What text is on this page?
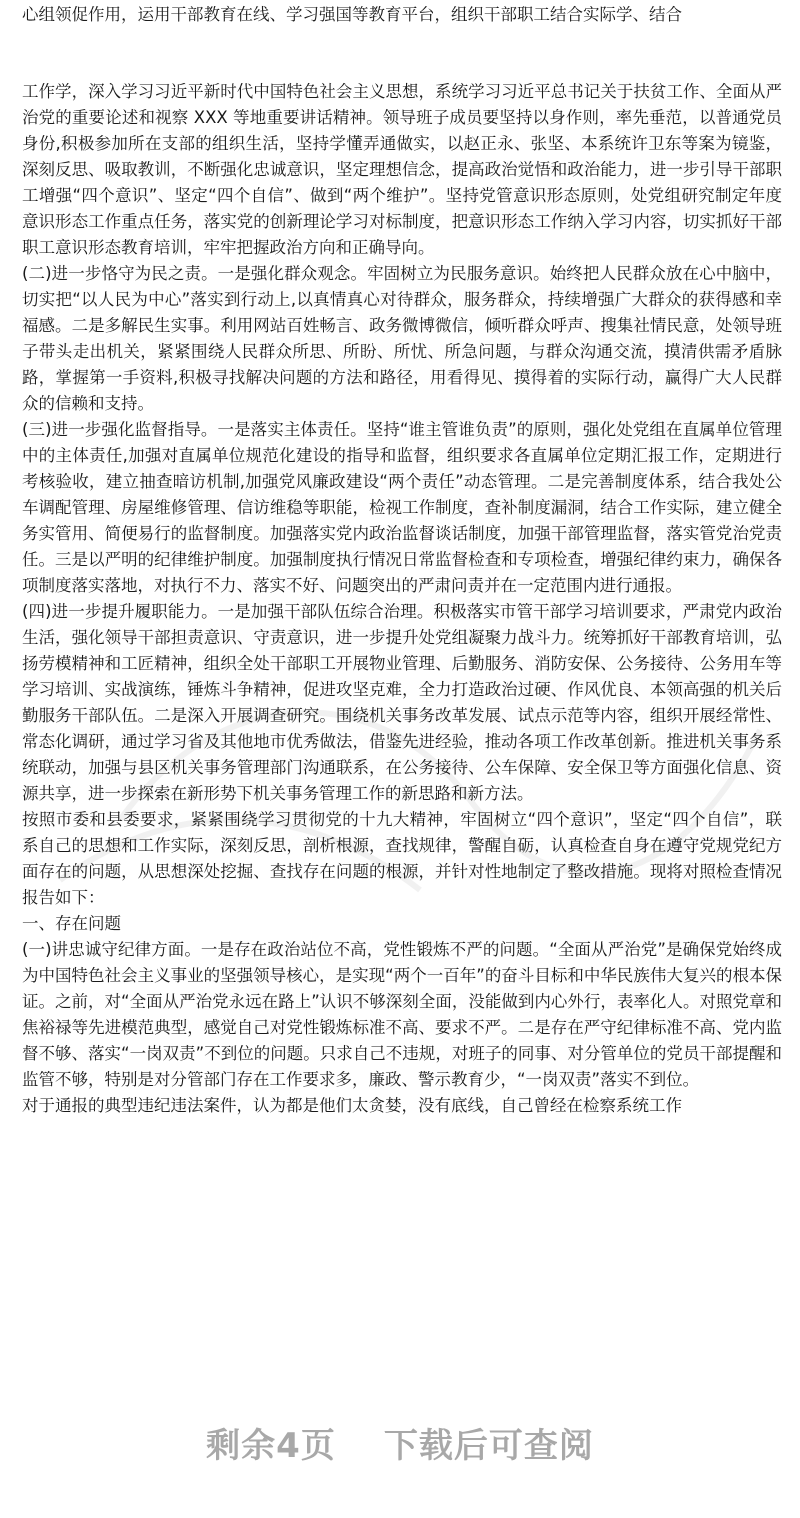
心组领促作用，运用干部教育在线、学习强国等教育平台，组织干部职工结合实际学、结合

工作学，深入学习习近平新时代中国特色社会主义思想，系统学习习近平总书记关于扶贫工作、全面从严治党的重要论述和视察 XXX 等地重要讲话精神。领导班子成员要坚持以身作则，率先垂范，以普通党员身份,积极参加所在支部的组织生活，坚持学懂弄通做实，以赵正永、张坚、本系统许卫东等案为镜鉴，深刻反思、吸取教训，不断强化忠诚意识，坚定理想信念，提高政治觉悟和政治能力，进一步引导干部职工增强“四个意识”、坚定“四个自信”、做到“两个维护”。坚持党管意识形态原则，处党组研究制定年度意识形态工作重点任务，落实党的创新理论学习对标制度，把意识形态工作纳入学习内容，切实抓好干部职工意识形态教育培训，牢牢把握政治方向和正确导向。

(二)进一步恪守为民之责。一是强化群众观念。牢固树立为民服务意识。始终把人民群众放在心中脑中，切实把“以人民为中心”落实到行动上,以真情真心对待群众，服务群众，持续增强广大群众的获得感和幸福感。二是多解民生实事。利用网站百姓畅言、政务微博微信，倾听群众呼声、搜集社情民意，处领导班子带头走出机关，紧紧围绕人民群众所思、所盼、所忧、所急问题，与群众沟通交流，摸清供需矛盾脉路，掌握第一手资料,积极寻找解决问题的方法和路径，用看得见、摸得着的实际行动，赢得广大人民群众的信赖和支持。

(三)进一步强化监督指导。一是落实主体责任。坚持“谁主管谁负责”的原则，强化处党组在直属单位管理中的主体责任,加强对直属单位规范化建设的指导和监督，组织要求各直属单位定期汇报工作，定期进行考核验收，建立抽查暗访机制,加强党风廉政建设“两个责任”动态管理。二是完善制度体系，结合我处公车调配管理、房屋维修管理、信访维稳等职能，检视工作制度，查补制度漏洞，结合工作实际，建立健全务实管用、简便易行的监督制度。加强落实党内政治监督谈话制度，加强干部管理监督，落实管党治党责任。三是以严明的纪律维护制度。加强制度执行情况日常监督检查和专项检查，增强纪律约束力，确保各项制度落实落地，对执行不力、落实不好、问题突出的严肃问责并在一定范围内进行通报。

(四)进一步提升履职能力。一是加强干部队伍综合治理。积极落实市管干部学习培训要求，严肃党内政治生活，强化领导干部担责意识、守责意识，进一步提升处党组凝聚力战斗力。统筹抓好干部教育培训，弘扬劳模精神和工匠精神，组织全处干部职工开展物业管理、后勤服务、消防安保、公务接待、公务用车等学习培训、实战演练，锤炼斗争精神，促进攻坚克难，全力打造政治过硬、作风优良、本领高强的机关后勤服务干部队伍。二是深入开展调查研究。围绕机关事务改革发展、试点示范等内容，组织开展经常性、常态化调研，通过学习省及其他地市优秀做法，借鉴先进经验，推动各项工作改革创新。推进机关事务系统联动，加强与县区机关事务管理部门沟通联系，在公务接待、公车保障、安全保卫等方面强化信息、资源共享，进一步探索在新形势下机关事务管理工作的新思路和新方法。

按照市委和县委要求，紧紧围绕学习贯彻党的十九大精神，牢固树立“四个意识”，坚定“四个自信”，联系自己的思想和工作实际，深刻反思，剖析根源，查找规律，警醒自砺，认真检查自身在遵守党规党纪方面存在的问题，从思想深处挖掘、查找存在问题的根源，并针对性地制定了整改措施。现将对照检查情况报告如下：

一、存在问题

(一)讲忠诚守纪律方面。一是存在政治站位不高，党性锻炼不严的问题。“全面从严治党”是确保党始终成为中国特色社会主义事业的坚强领导核心，是实现“两个一百年”的奋斗目标和中华民族伟大复兴的根本保证。之前，对“全面从严治党永远在路上”认识不够深刻全面，没能做到内心外行，表率化人。对照党章和焦裕禄等先进模范典型，感觉自己对党性锻炼标准不高、要求不严。二是存在严守纪律标准不高、党内监督不够、落实“一岗双责”不到位的问题。只求自己不违规，对班子的同事、对分管单位的党员干部提醒和监管不够，特别是对分管部门存在工作要求多，廉政、警示教育少，“一岗双责”落实不到位。

对于通报的典型违纪违法案件，认为都是他们太贪婪，没有底线，自己曾经在检察系统工作

剩余4页 下载后可查阅
